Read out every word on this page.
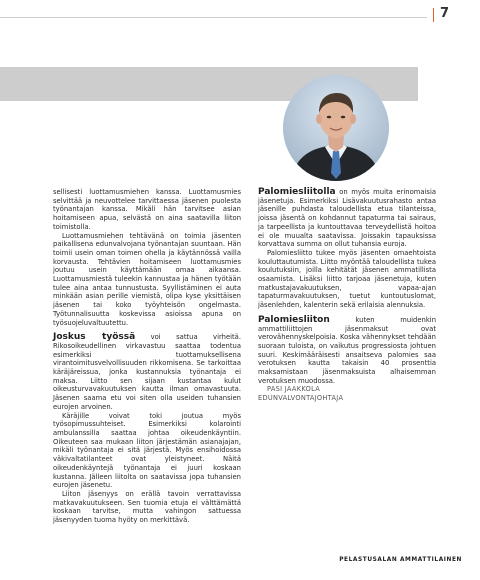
7

sellisesti luottamusmiehen kanssa. Luottamusmies selvittää ja neuvottelee tarvittaessa jäsenen puolesta työnantajan kanssa. Mikäli hän tarvitsee asian hoitamiseen apua, selvästä on aina saatavilla liiton toimistolla.

Luottamusmiehen tehtävänä on toimia jäsenten paikallisena edunvalvojana työnantajan suuntaan. Hän toimii usein oman toimen ohella ja käytännössä vailla korvausta. Tehtävien hoitamiseen luottamusmies joutuu usein käyttämään omaa aikaansa. Luottamusmiestä tuleekin kannustaa ja hänen työtään tulee aina antaa tunnustusta. Syyllistäminen ei auta minkään asian perille viemistä, olipa kyse yksittäisen jäsenen tai koko työyhteisön ongelmasta. Työtunnalisuutta koskevissa asioissa apuna on työsuojeluvaltuutettu.

Joskus työssä voi sattua virheitä. Rikosoikeudellinen virkavastuu saattaa todentua esimerkiksi tuottamuksellisena virantoimitusvelvollisuuden rikkomisena. Se tarkoittaa käräjäreissua, jonka kustannuksia työnantaja ei maksa. Liitto sen sijaan kustantaa kulut oikeusturvavakuutuksen kautta ilman omavastuuta. Jäsenen saama etu voi siten olla useiden tuhansien eurojen arvoinen.

Käräjille voivat toki joutua myös työsopimussuhteiset. Esimerkiksi kolarointi ambulanssilla saattaa johtaa oikeudenkäyntiin. Oikeuteen saa mukaan liiton järjestämän asianajajan, mikäli työnantaja ei sitä järjestä. Myös ensihoidossa väkivaltatilanteet ovat yleistyneet. Näitä oikeudenkäyntejä työnantaja ei juuri koskaan kustanna. Jälleen liitolta on saatavissa jopa tuhansien eurojen jäsenetu.

Liiton jäsenyys on erällä tavoin verrattavissa matkavakuutukseen. Sen tuomia etuja ei välttämättä koskaan tarvitse, mutta vahingon sattuessa jäsenyyden tuoma hyöty on merkittävä.

Palomiesliitolla on myös muita erinomaisia jäsenetuja. Esimerkiksi Lisävakuutusrahasto antaa jäsenille puhdasta taloudellista etua tilanteissa, joissa jäsentä on kohdannut tapaturma tai sairaus, ja tarpeellista ja kuntouttavaa terveydellistä hoitoa ei ole muualta saatavissa. Joissakin tapauksissa korvattava summa on ollut tuhansia euroja.

Palomiesliitto tukee myös jäsenten omaehtoista kouluttautumista. Liitto myöntää taloudellista tukea koulutuksiin, joilla kehitätät jäsenen ammatillista osaamista. Lisäksi liitto tarjoaa jäsenetuja, kuten matkustajavakuutuksen, vapaa-ajan tapaturmavakuutuksen, tuetut kuntoutuslomat, jäsenlehden, kalenterin sekä erilaisia alennuksia.

Palomiesliiton kuten muidenkin ammattiliittojen jäsenmaksut ovat verovähennyskelpoisia. Koska vähennykset tehdään suoraan tuloista, on vaikutus progressiosta johtuen suuri. Keskimääräisesti ansaitseva palomies saa verotuksen kautta takaisin 40 prosenttia maksamistaan jäsenmaksuista alhaisemman verotuksen muodossa.

PASI JAAKKOLA
EDUNVALVONTAJOHTAJA

PELASTUSALAN AMMATTILAINEN
